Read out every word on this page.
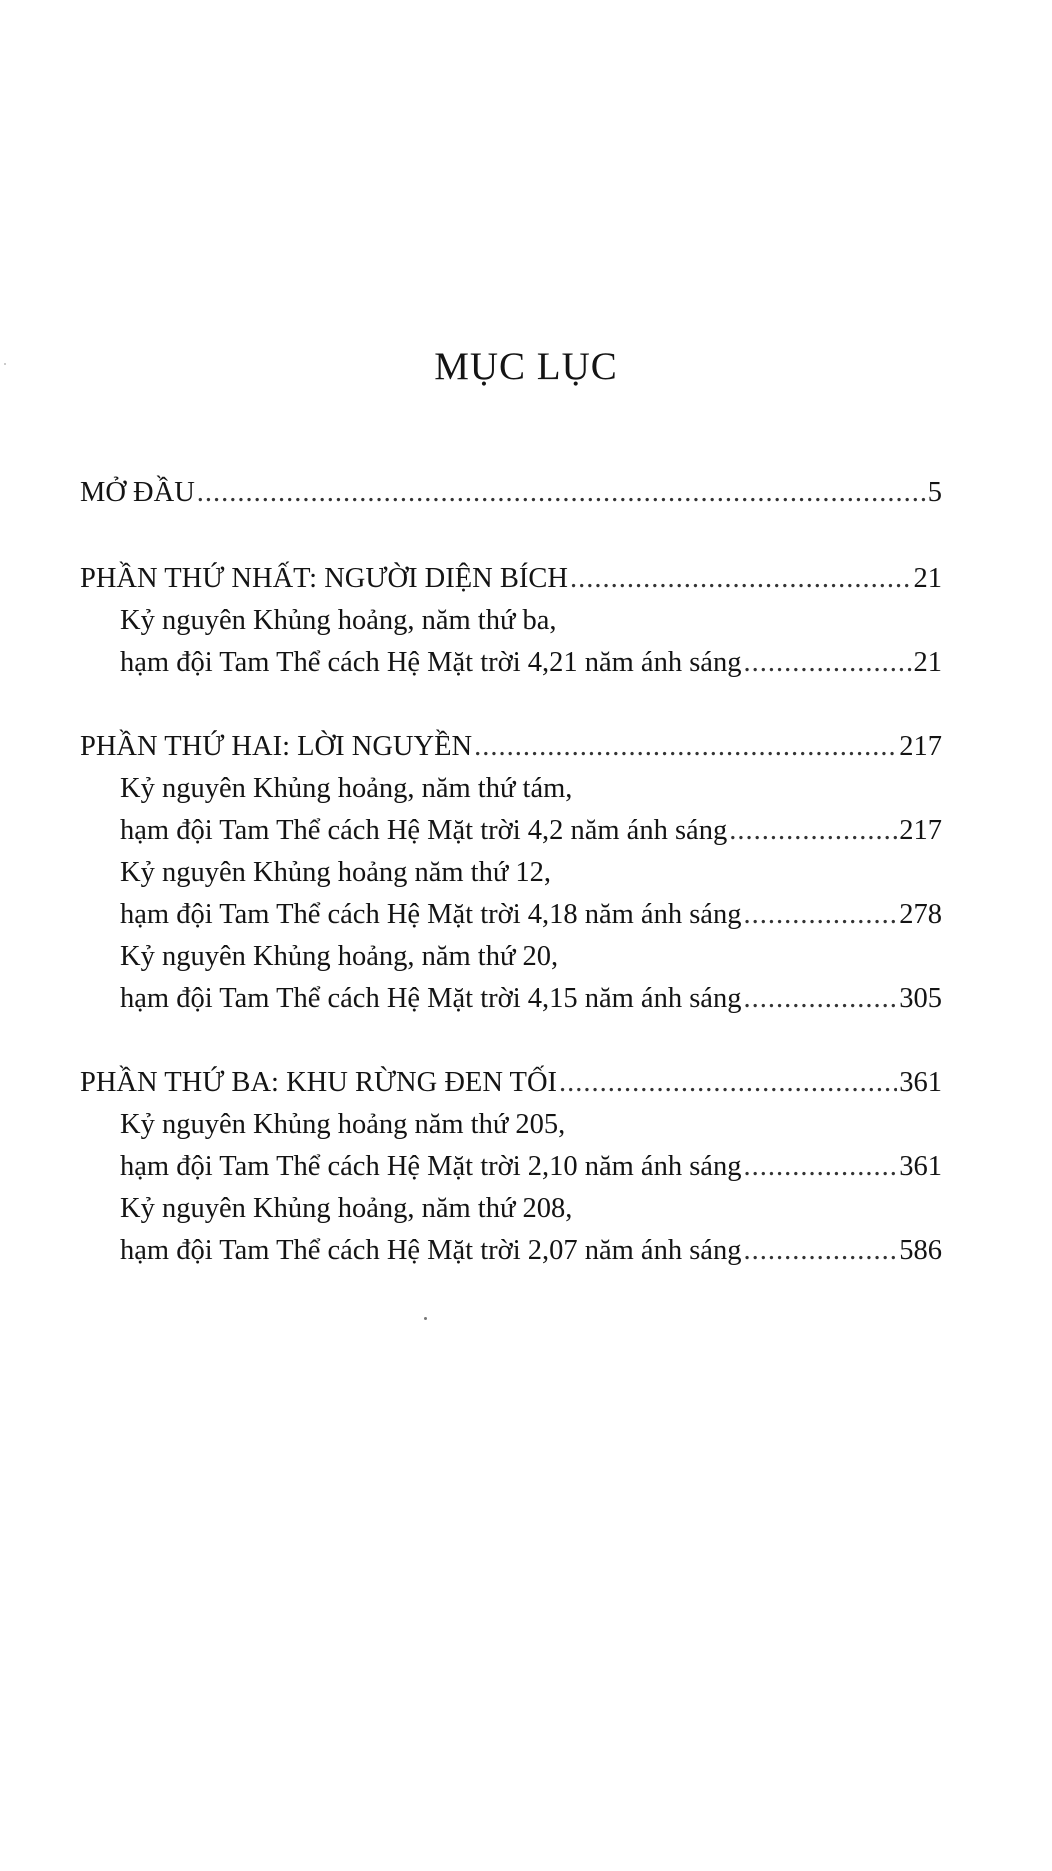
MỤC LỤC
MỞ ĐẦU .....	5
PHẦN THỨ NHẤT: NGƯỜI DIỆN BÍCH .....	21
Kỷ nguyên Khủng hoảng, năm thứ ba,
hạm đội Tam Thể cách Hệ Mặt trời 4,21 năm ánh sáng .....	21
PHẦN THỨ HAI: LỜI NGUYỀN .....	217
Kỷ nguyên Khủng hoảng, năm thứ tám,
hạm đội Tam Thể cách Hệ Mặt trời 4,2 năm ánh sáng .....	217
Kỷ nguyên Khủng hoảng năm thứ 12,
hạm đội Tam Thể cách Hệ Mặt trời 4,18 năm ánh sáng .....	278
Kỷ nguyên Khủng hoảng, năm thứ 20,
hạm đội Tam Thể cách Hệ Mặt trời 4,15 năm ánh sáng .....	305
PHẦN THỨ BA: KHU RỪNG ĐEN TỐI .....	361
Kỷ nguyên Khủng hoảng năm thứ 205,
hạm đội Tam Thể cách Hệ Mặt trời 2,10 năm ánh sáng .....	361
Kỷ nguyên Khủng hoảng, năm thứ 208,
hạm đội Tam Thể cách Hệ Mặt trời 2,07 năm ánh sáng .....	586
